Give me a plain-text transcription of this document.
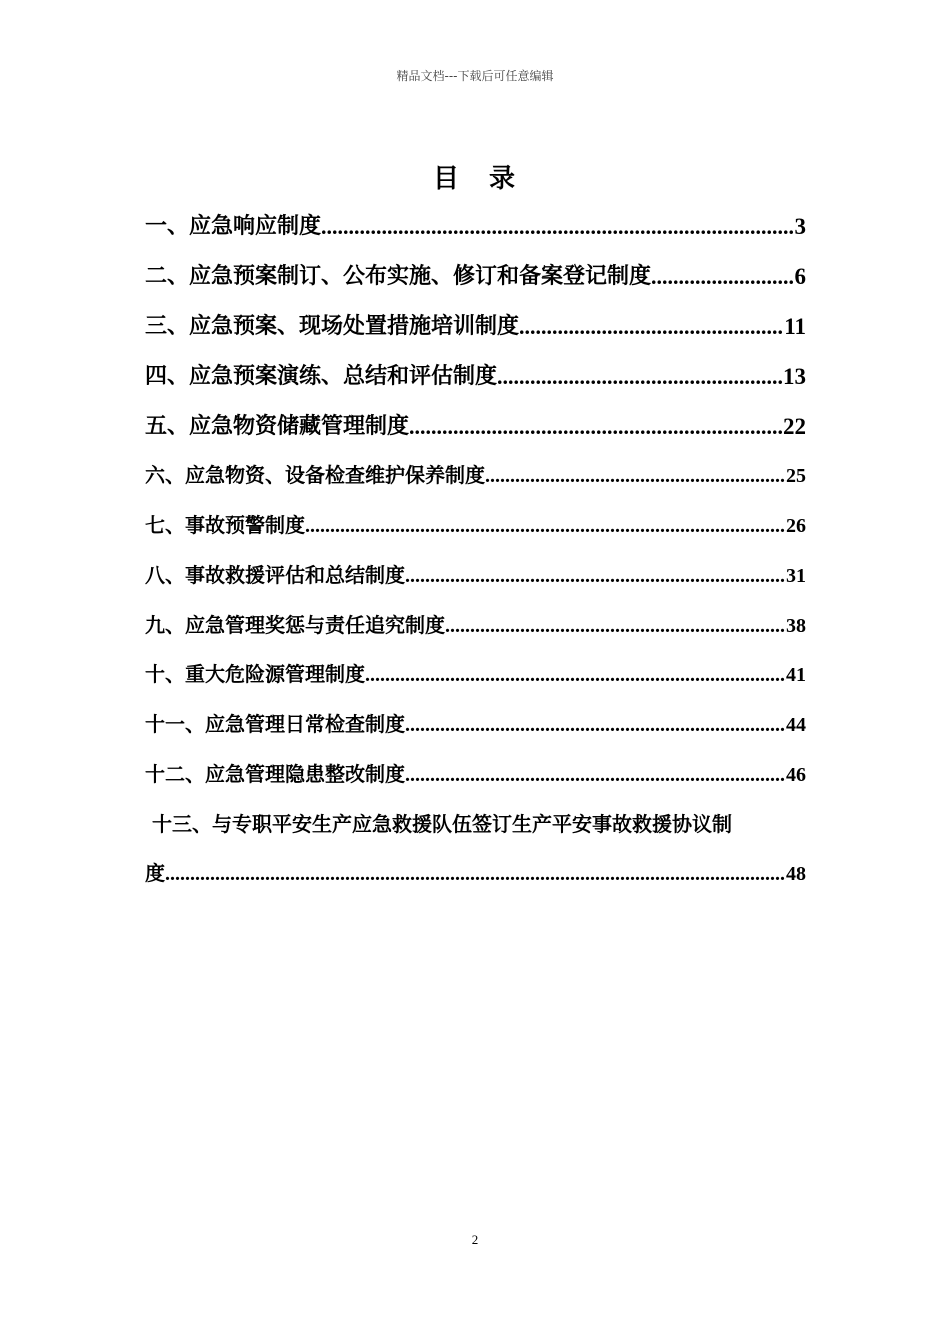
精品文档---下载后可任意编辑
目 录
一、应急响应制度 .....	3
二、应急预案制订、公布实施、修订和备案登记制度 .....	6
三、应急预案、现场处置措施培训制度 .....	11
四、应急预案演练、总结和评估制度 .....	13
五、应急物资储藏管理制度 .....	22
六、应急物资、设备检查维护保养制度 .....	25
七、事故预警制度 .....	26
八、事故救援评估和总结制度 .....	31
九、应急管理奖惩与责任追究制度 .....	38
十、重大危险源管理制度 .....	41
十一、应急管理日常检查制度 .....	44
十二、应急管理隐患整改制度 .....	46
十三、与专职平安生产应急救援队伍签订生产平安事故救援协议制
度 .....	48
2
